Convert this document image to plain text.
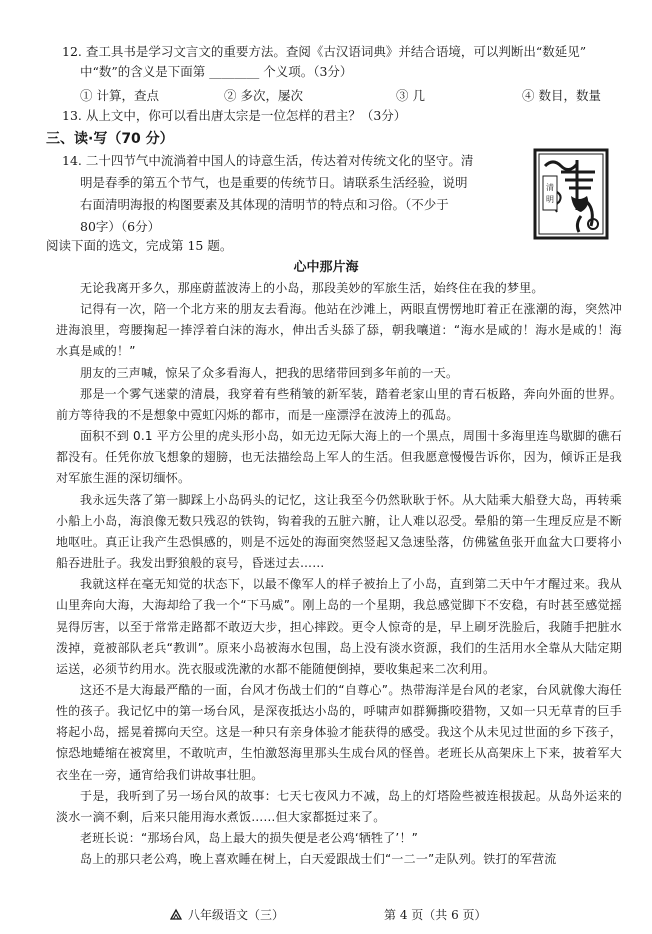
12. 查工具书是学习文言文的重要方法。查阅《古汉语词典》并结合语境，可以判断出“数延见”
中“数”的含义是下面第 ________ 个义项。（3分）
① 计算，查点	② 多次，屡次	③ 几	④ 数目，数量
13. 从上文中，你可以看出唐太宗是一位怎样的君主？（3分）
三、读·写（70 分）
14. 二十四节气中流淌着中国人的诗意生活，传达着对传统文化的坚守。清
明是春季的第五个节气，也是重要的传统节日。请联系生活经验，说明
右面清明海报的构图要素及其体现的清明节的特点和习俗。（不少于
80字）（6分）
清
明
阅读下面的选文，完成第 15 题。
心中那片海

无论我离开多久，那座蔚蓝波涛上的小岛，那段美妙的军旅生活，始终住在我的梦里。

记得有一次，陪一个北方来的朋友去看海。他站在沙滩上，两眼直愣愣地盯着正在涨潮的海，突然冲进海浪里，弯腰掬起一捧浮着白沫的海水，伸出舌头舔了舔，朝我嚷道：“海水是咸的！海水是咸的！海水真是咸的！”

朋友的三声喊，惊呆了众多看海人，把我的思绪带回到多年前的一天。

那是一个雾气迷蒙的清晨，我穿着有些稍皱的新军装，踏着老家山里的青石板路，奔向外面的世界。前方等待我的不是想象中霓虹闪烁的都市，而是一座漂浮在波涛上的孤岛。

面积不到 0.1 平方公里的虎头形小岛，如无边无际大海上的一个黑点，周围十多海里连鸟歇脚的礁石都没有。任凭你放飞想象的翅膀，也无法描绘岛上军人的生活。但我愿意慢慢告诉你，因为，倾诉正是我对军旅生涯的深切缅怀。

我永远失落了第一脚踩上小岛码头的记忆，这让我至今仍然耿耿于怀。从大陆乘大船登大岛，再转乘小船上小岛，海浪像无数只残忍的铁钩，钩着我的五脏六腑，让人难以忍受。晕船的第一生理反应是不断地呕吐。真正让我产生恐惧感的，则是不远处的海面突然竖起又急速坠落，仿佛鲨鱼张开血盆大口要将小船吞进肚子。我发出野狼般的哀号，昏迷过去……

我就这样在毫无知觉的状态下，以最不像军人的样子被抬上了小岛，直到第二天中午才醒过来。我从山里奔向大海，大海却给了我一个“下马威”。刚上岛的一个星期，我总感觉脚下不安稳，有时甚至感觉摇晃得厉害，以至于常常走路都不敢迈大步，担心摔跤。更令人惊奇的是，早上刷牙洗脸后，我随手把脏水泼掉，竟被部队老兵“教训”。原来小岛被海水包围，岛上没有淡水资源，我们的生活用水全靠从大陆定期运送，必须节约用水。洗衣服或洗漱的水都不能随便倒掉，要收集起来二次利用。

这还不是大海最严酷的一面，台风才伤战士们的“自尊心”。热带海洋是台风的老家，台风就像大海任性的孩子。我记忆中的第一场台风，是深夜抵达小岛的，呼啸声如群狮撕咬猎物，又如一只无草青的巨手将起小岛，摇晃着掷向天空。这是一种只有亲身体验才能获得的感受。我这个从未见过世面的乡下孩子，惊恐地蜷缩在被窝里，不敢吭声，生怕激怒海里那头生成台风的怪兽。老班长从高架床上下来，披着军大衣坐在一旁，通宵给我们讲故事壮胆。

于是，我听到了另一场台风的故事：七天七夜风力不减，岛上的灯塔险些被连根拔起。从岛外运来的淡水一滴不剩，后来只能用海水煮饭……但大家都挺过来了。

老班长说：“那场台风，岛上最大的损失便是老公鸡‘牺牲了’！”

岛上的那只老公鸡，晚上喜欢睡在树上，白天爱跟战士们“一二一”走队列。铁打的军营流

八年级语文（三）	第 4 页（共 6 页）
